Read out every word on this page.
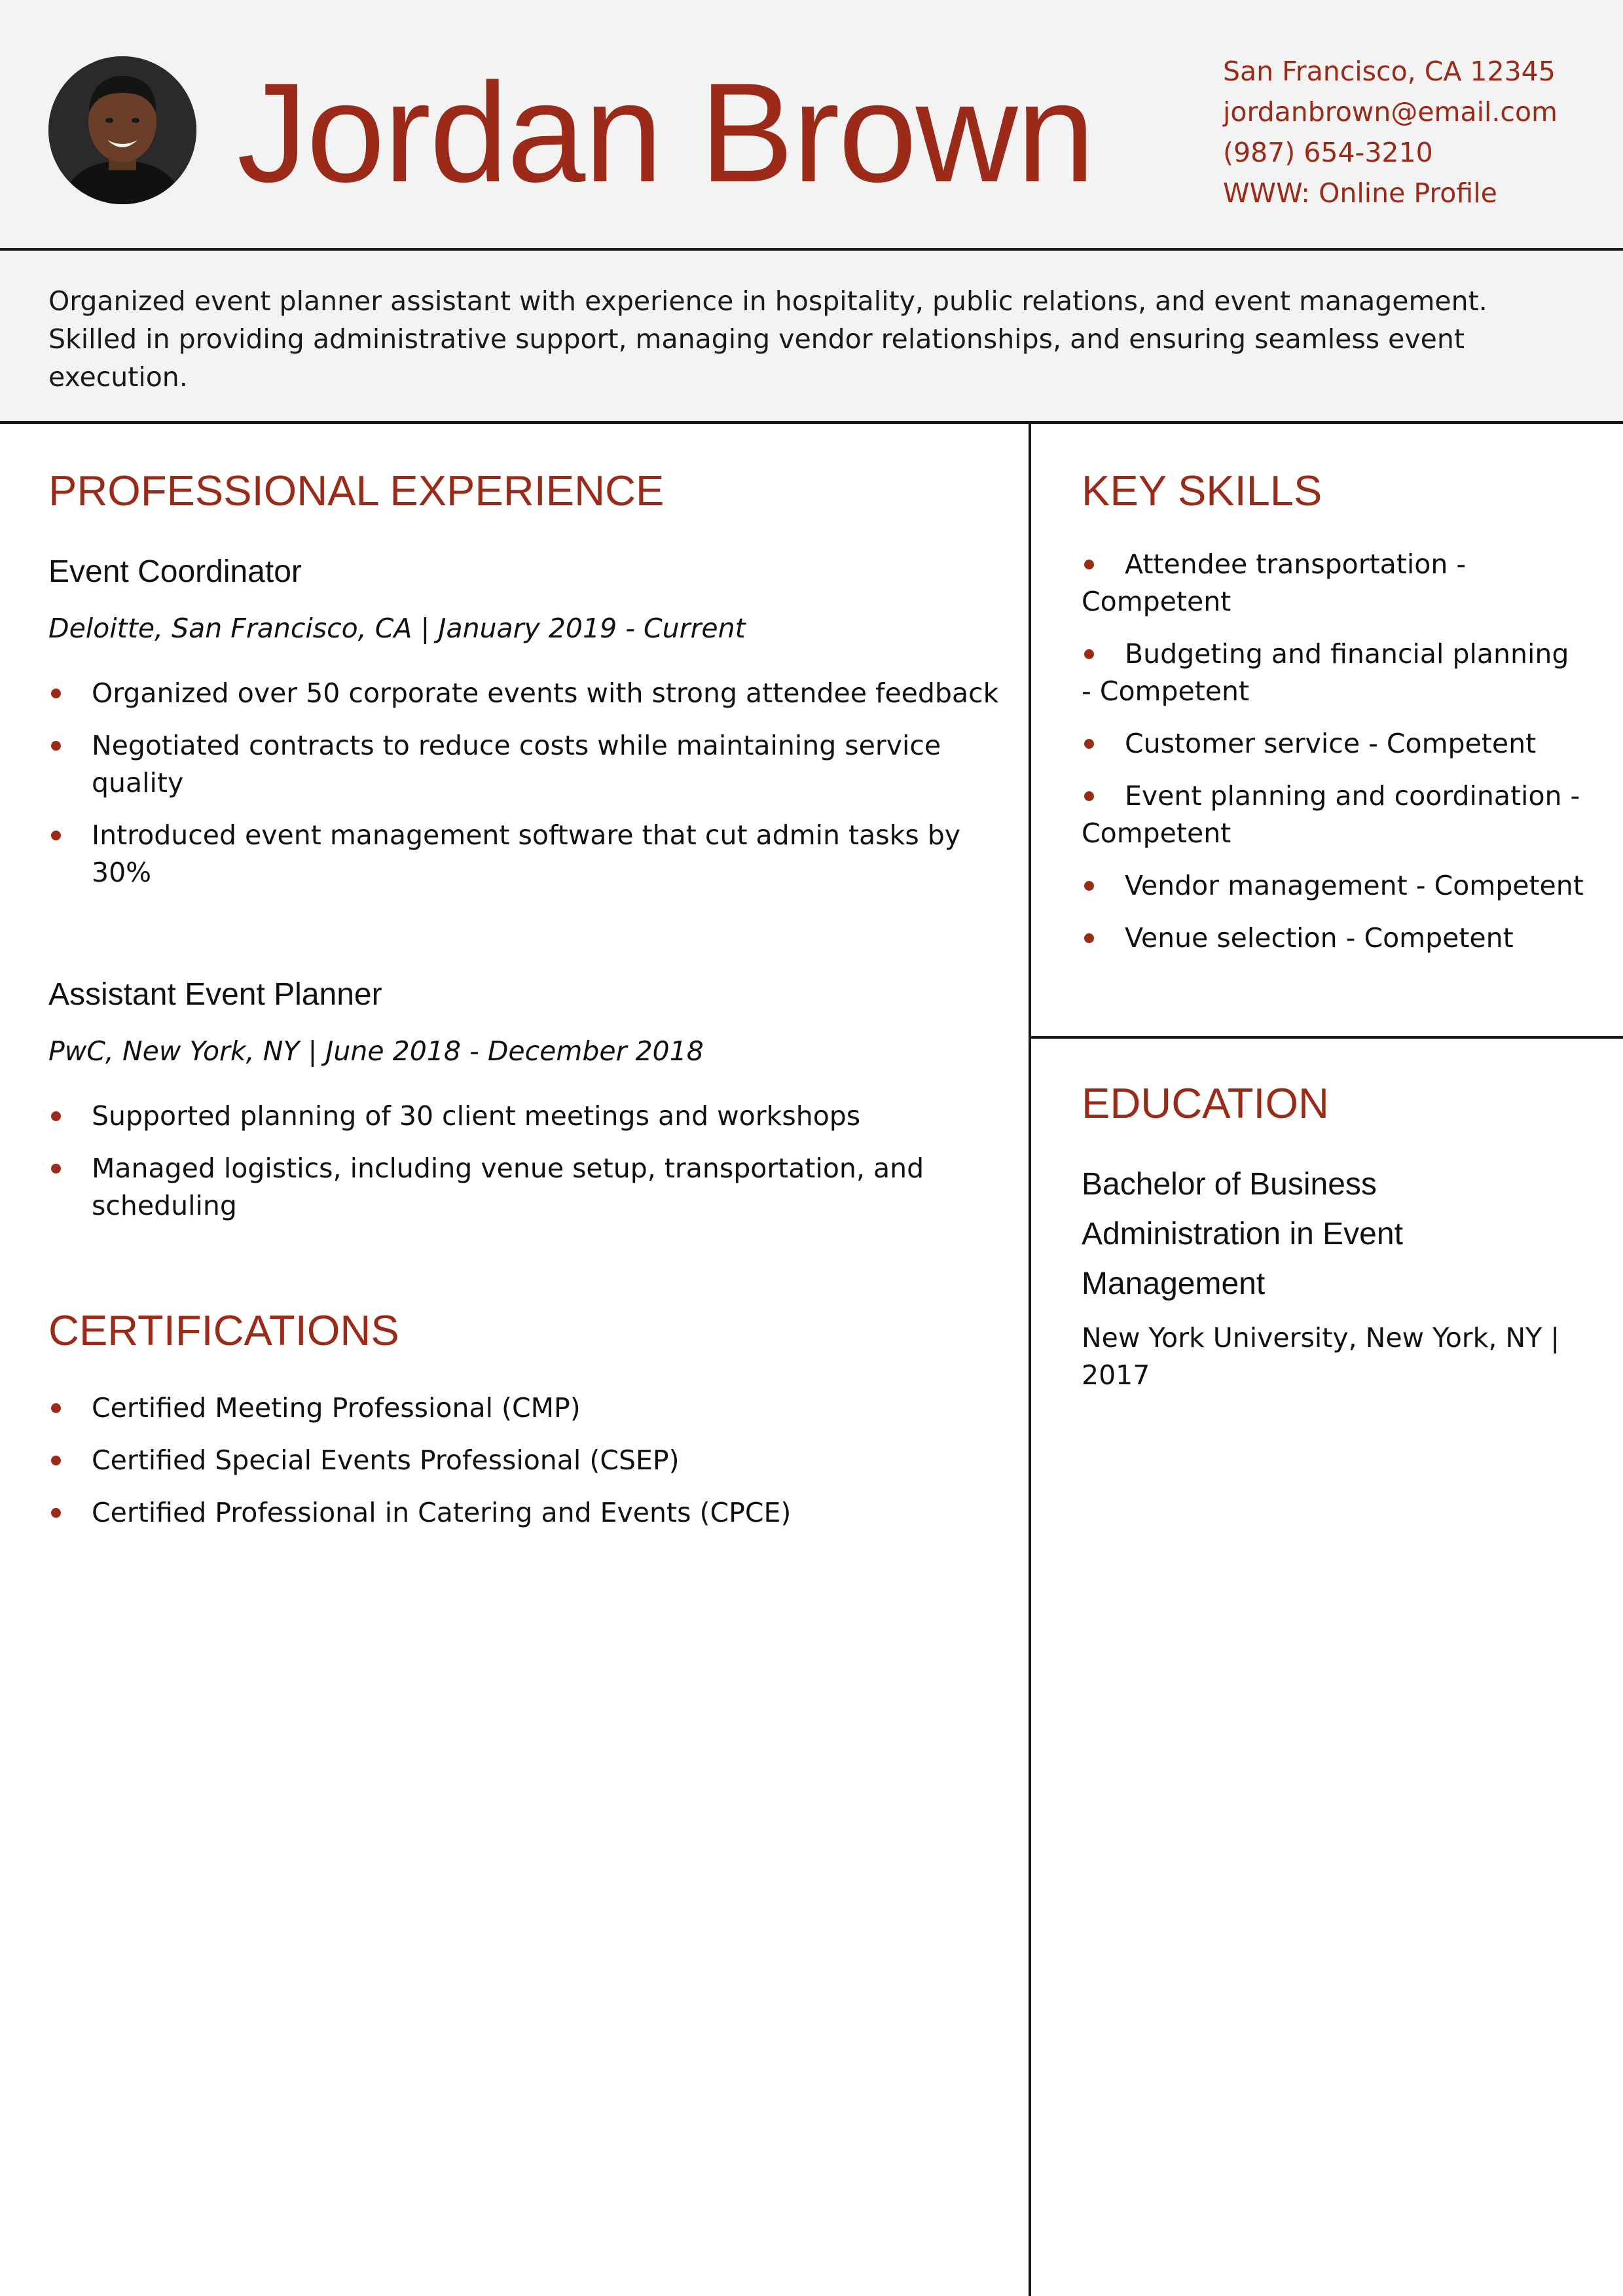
Jordan Brown	San Francisco, CA 12345
jordanbrown@email.com
(987) 654-3210
WWW: Online Profile

Organized event planner assistant with experience in hospitality, public relations, and event management. Skilled in providing administrative support, managing vendor relationships, and ensuring seamless event execution.

PROFESSIONAL EXPERIENCE
Event Coordinator
Deloitte, San Francisco, CA | January 2019 - Current
Organized over 50 corporate events with strong attendee feedback
Negotiated contracts to reduce costs while maintaining service quality
Introduced event management software that cut admin tasks by 30%
Assistant Event Planner
PwC, New York, NY | June 2018 - December 2018
Supported planning of 30 client meetings and workshops
Managed logistics, including venue setup, transportation, and scheduling
CERTIFICATIONS
Certified Meeting Professional (CMP)
Certified Special Events Professional (CSEP)
Certified Professional in Catering and Events (CPCE)
KEY SKILLS
Attendee transportation - Competent
Budgeting and financial planning - Competent
Customer service - Competent
Event planning and coordination - Competent
Vendor management - Competent
Venue selection - Competent
EDUCATION
Bachelor of Business Administration in Event Management
New York University, New York, NY | 2017
